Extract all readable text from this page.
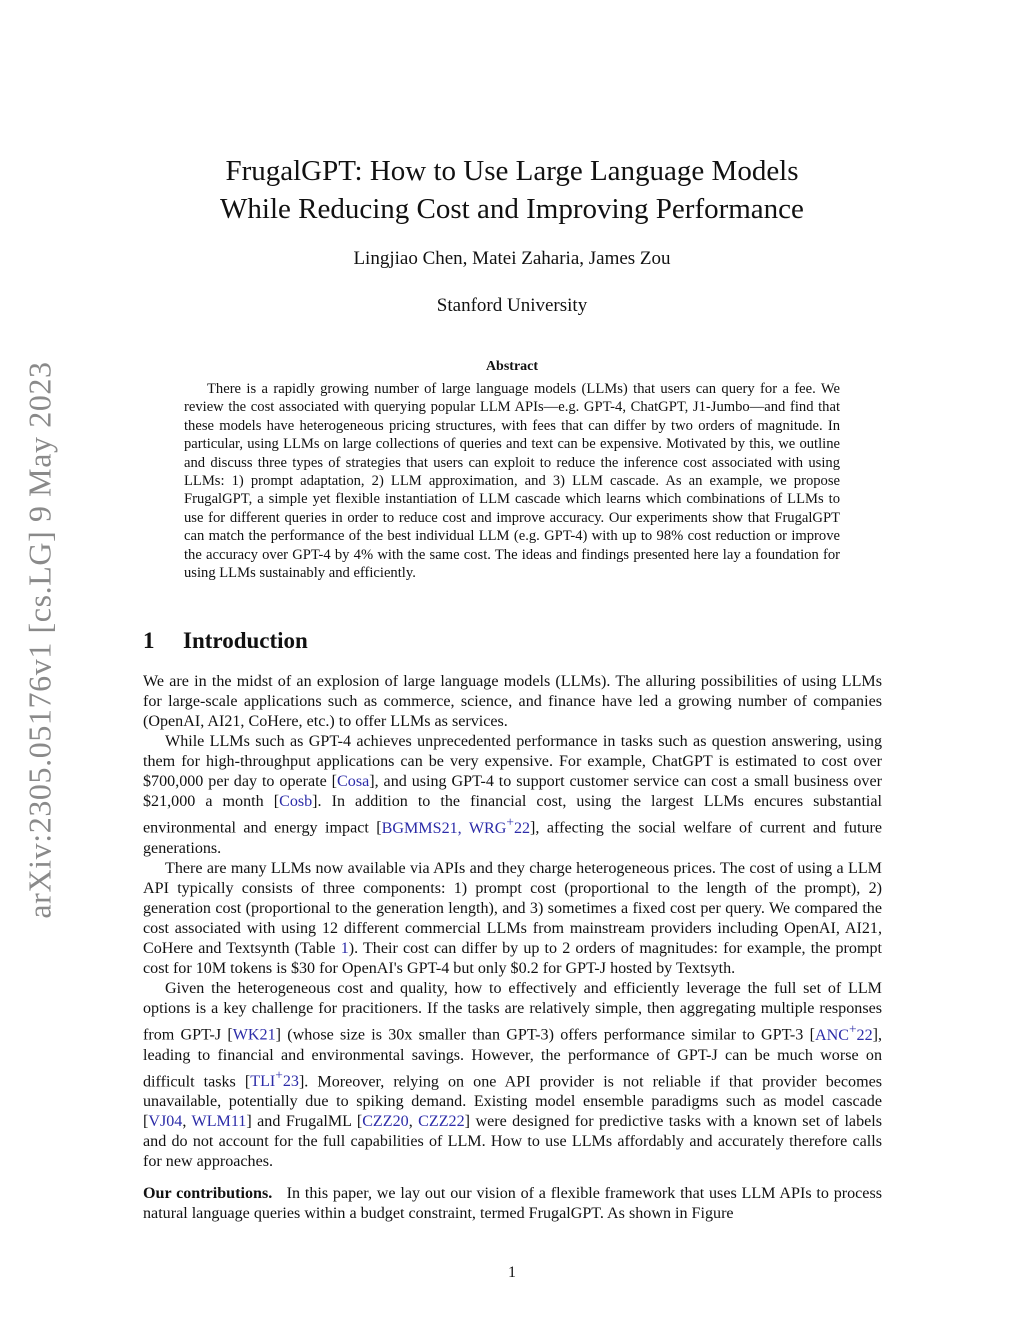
arXiv:2305.05176v1 [cs.LG] 9 May 2023
FrugalGPT: How to Use Large Language Models
While Reducing Cost and Improving Performance
Lingjiao Chen, Matei Zaharia, James Zou
Stanford University
Abstract
There is a rapidly growing number of large language models (LLMs) that users can query for a fee. We review the cost associated with querying popular LLM APIs—e.g. GPT-4, ChatGPT, J1-Jumbo—and find that these models have heterogeneous pricing structures, with fees that can differ by two orders of magnitude. In particular, using LLMs on large collections of queries and text can be expensive. Motivated by this, we outline and discuss three types of strategies that users can exploit to reduce the inference cost associated with using LLMs: 1) prompt adaptation, 2) LLM approximation, and 3) LLM cascade. As an example, we propose FrugalGPT, a simple yet flexible instantiation of LLM cascade which learns which combinations of LLMs to use for different queries in order to reduce cost and improve accuracy. Our experiments show that FrugalGPT can match the performance of the best individual LLM (e.g. GPT-4) with up to 98% cost reduction or improve the accuracy over GPT-4 by 4% with the same cost. The ideas and findings presented here lay a foundation for using LLMs sustainably and efficiently.
1 Introduction

We are in the midst of an explosion of large language models (LLMs). The alluring possibilities of using LLMs for large-scale applications such as commerce, science, and finance have led a growing number of companies (OpenAI, AI21, CoHere, etc.) to offer LLMs as services.

While LLMs such as GPT-4 achieves unprecedented performance in tasks such as question answering, using them for high-throughput applications can be very expensive. For example, ChatGPT is estimated to cost over $700,000 per day to operate [Cosa], and using GPT-4 to support customer service can cost a small business over $21,000 a month [Cosb]. In addition to the financial cost, using the largest LLMs encures substantial environmental and energy impact [BGMMS21, WRG+22], affecting the social welfare of current and future generations.

There are many LLMs now available via APIs and they charge heterogeneous prices. The cost of using a LLM API typically consists of three components: 1) prompt cost (proportional to the length of the prompt), 2) generation cost (proportional to the generation length), and 3) sometimes a fixed cost per query. We compared the cost associated with using 12 different commercial LLMs from mainstream providers including OpenAI, AI21, CoHere and Textsynth (Table 1). Their cost can differ by up to 2 orders of magnitudes: for example, the prompt cost for 10M tokens is $30 for OpenAI's GPT-4 but only $0.2 for GPT-J hosted by Textsyth.

Given the heterogeneous cost and quality, how to effectively and efficiently leverage the full set of LLM options is a key challenge for pracitioners. If the tasks are relatively simple, then aggregating multiple responses from GPT-J [WK21] (whose size is 30x smaller than GPT-3) offers performance similar to GPT-3 [ANC+22], leading to financial and environmental savings. However, the performance of GPT-J can be much worse on difficult tasks [TLI+23]. Moreover, relying on one API provider is not reliable if that provider becomes unavailable, potentially due to spiking demand. Existing model ensemble paradigms such as model cascade [VJ04, WLM11] and FrugalML [CZZ20, CZZ22] were designed for predictive tasks with a known set of labels and do not account for the full capabilities of LLM. How to use LLMs affordably and accurately therefore calls for new approaches.

Our contributions.   In this paper, we lay out our vision of a flexible framework that uses LLM APIs to process natural language queries within a budget constraint, termed FrugalGPT. As shown in Figure

1
